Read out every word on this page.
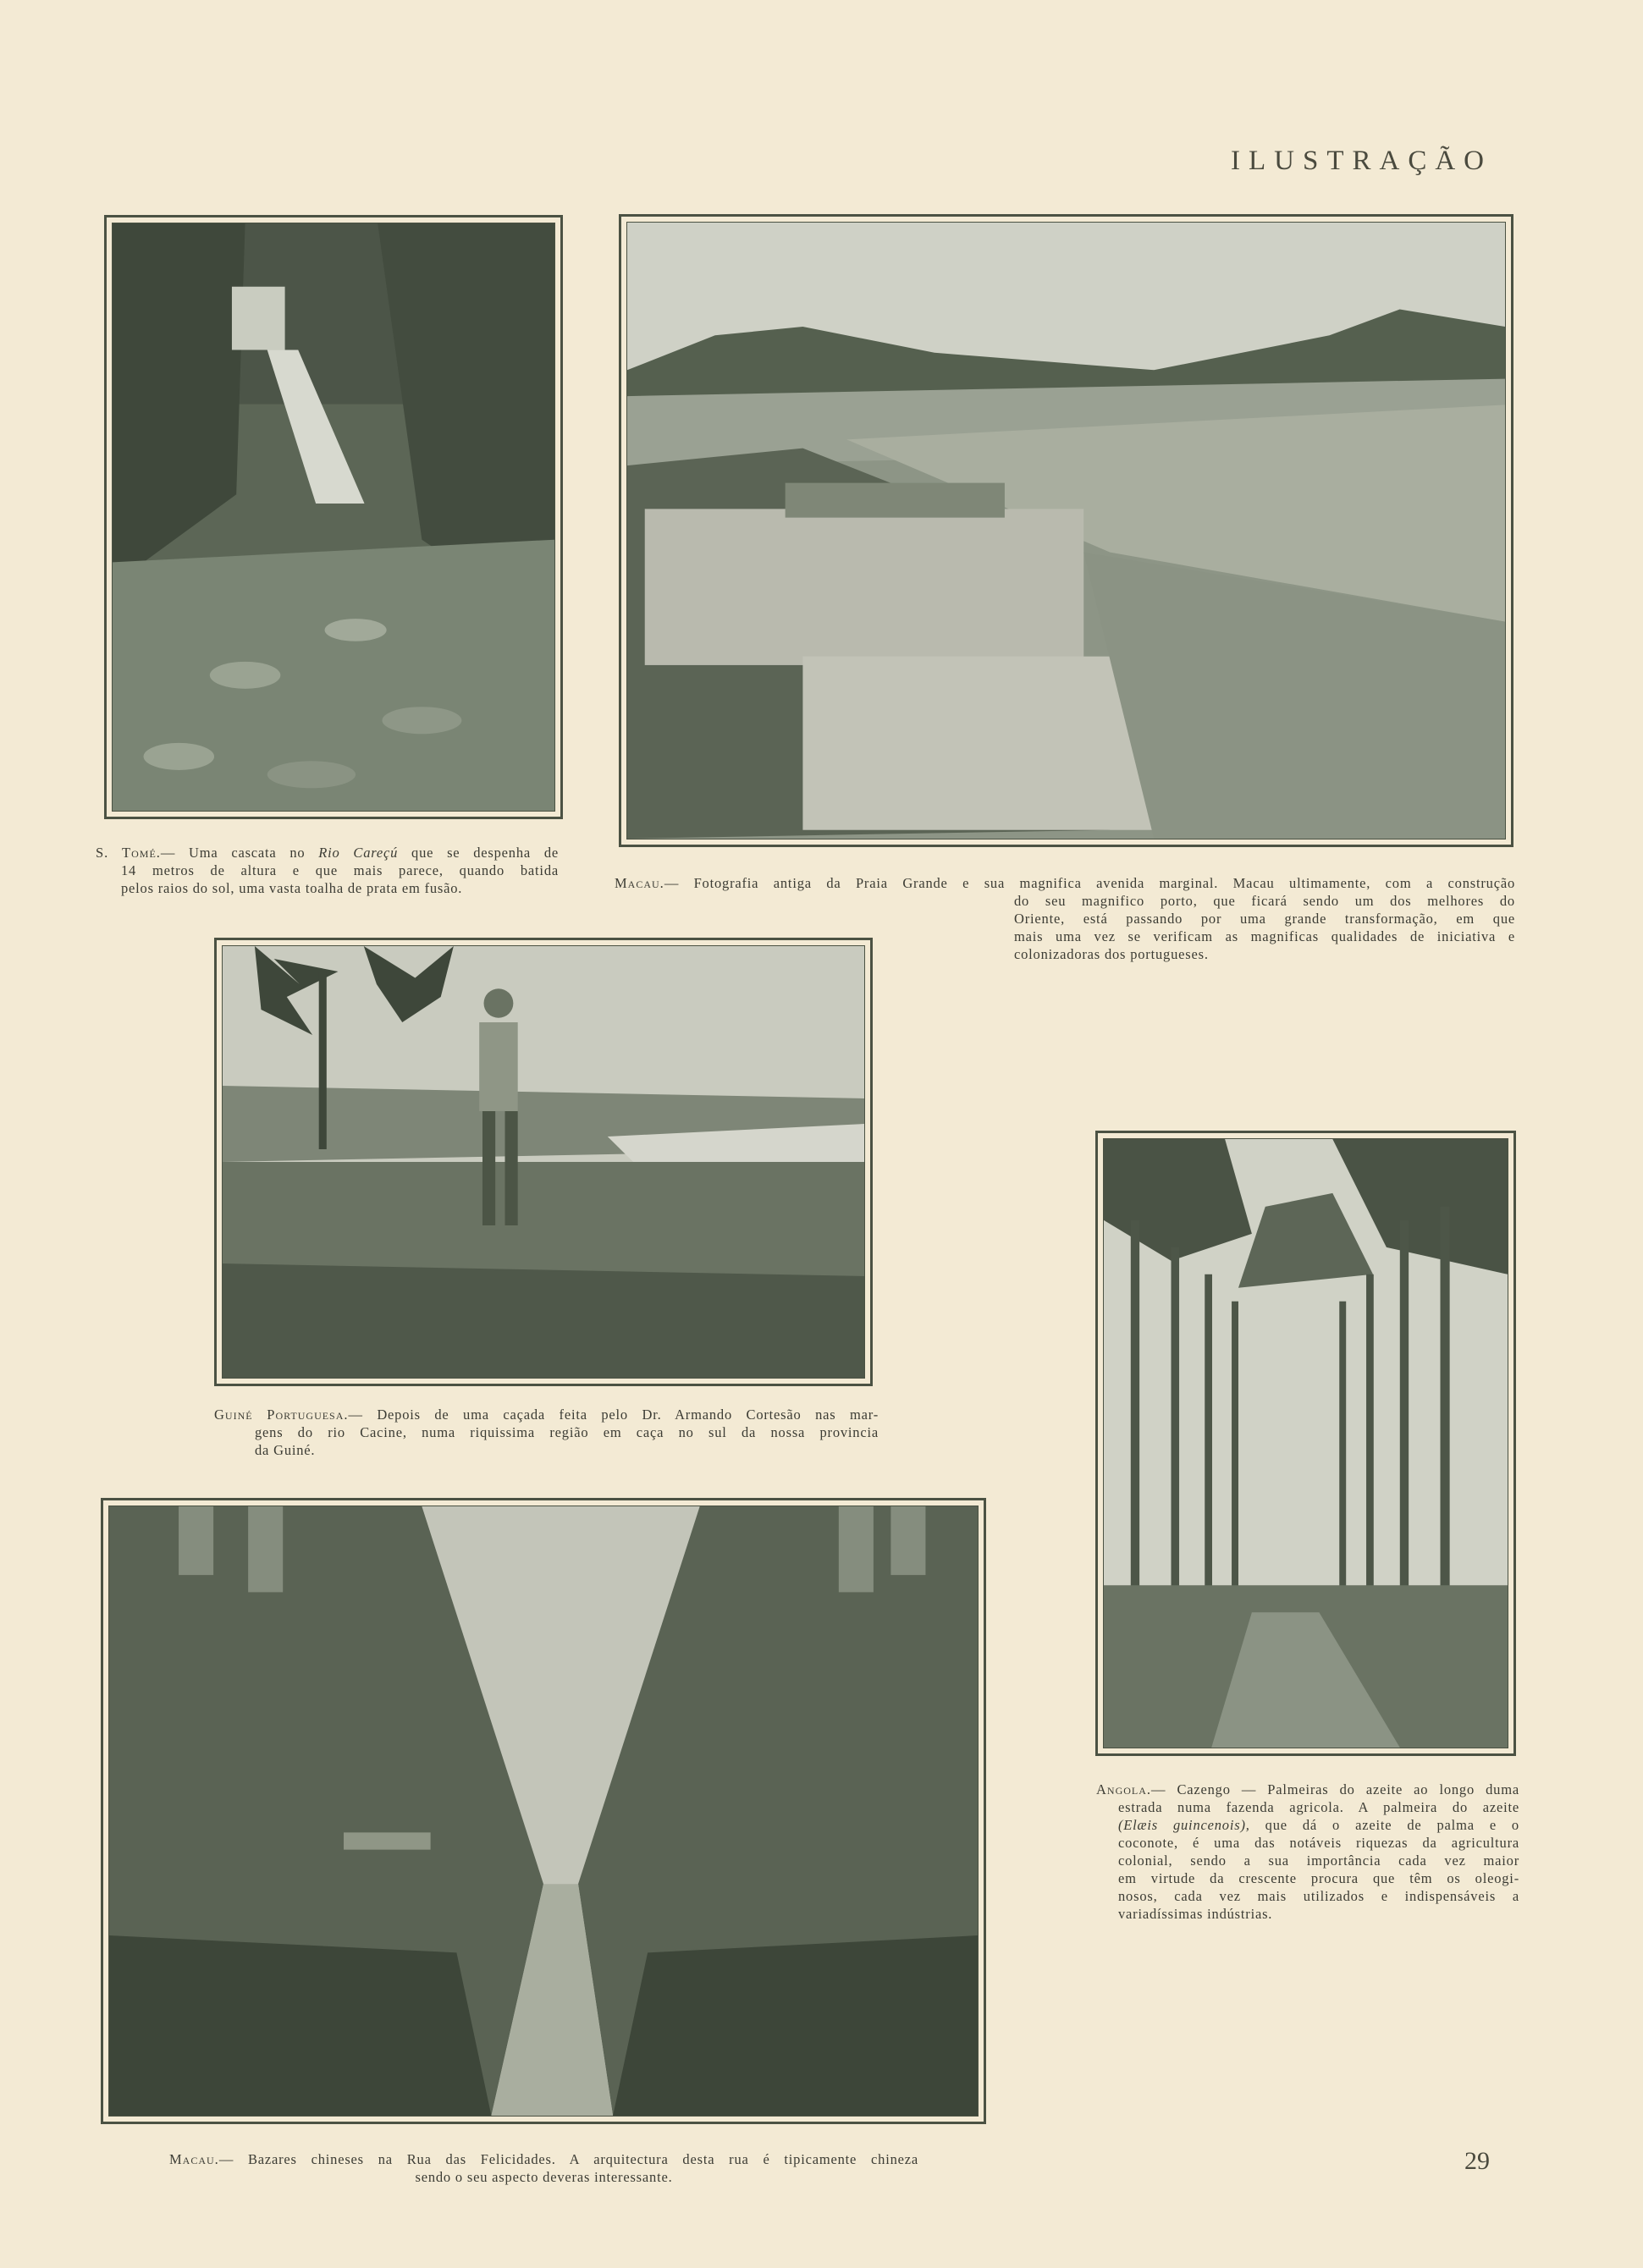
ILUSTRAÇÃO
S. Tomé.— Uma cascata no Rio Careçú que se despenha de
14 metros de altura e que mais parece, quando batida
pelos raios do sol, uma vasta toalha de prata em fusão.	Macau.— Fotografia antiga da Praia Grande e sua magnifica avenida marginal. Macau ultimamente, com a construção
do seu magnifico porto, que ficará sendo um dos melhores do
Oriente, está passando por uma grande transformação, em que
mais uma vez se verificam as magnificas qualidades de iniciativa e
colonizadoras dos portugueses.
Guiné Portuguesa.— Depois de uma caçada feita pelo Dr. Armando Cortesão nas mar-
gens do rio Cacine, numa riquissima região em caça no sul da nossa provincia
da Guiné.
Angola.— Cazengo — Palmeiras do azeite ao longo duma
estrada numa fazenda agricola. A palmeira do azeite
(Elæis guincenois), que dá o azeite de palma e o
coconote, é uma das notáveis riquezas da agricultura
colonial, sendo a sua importância cada vez maior
em virtude da crescente procura que têm os oleogi-
nosos, cada vez mais utilizados e indispensáveis a
variadíssimas indústrias.
Macau.— Bazares chineses na Rua das Felicidades. A arquitectura desta rua é tipicamente chineza
sendo o seu aspecto deveras interessante.
29
